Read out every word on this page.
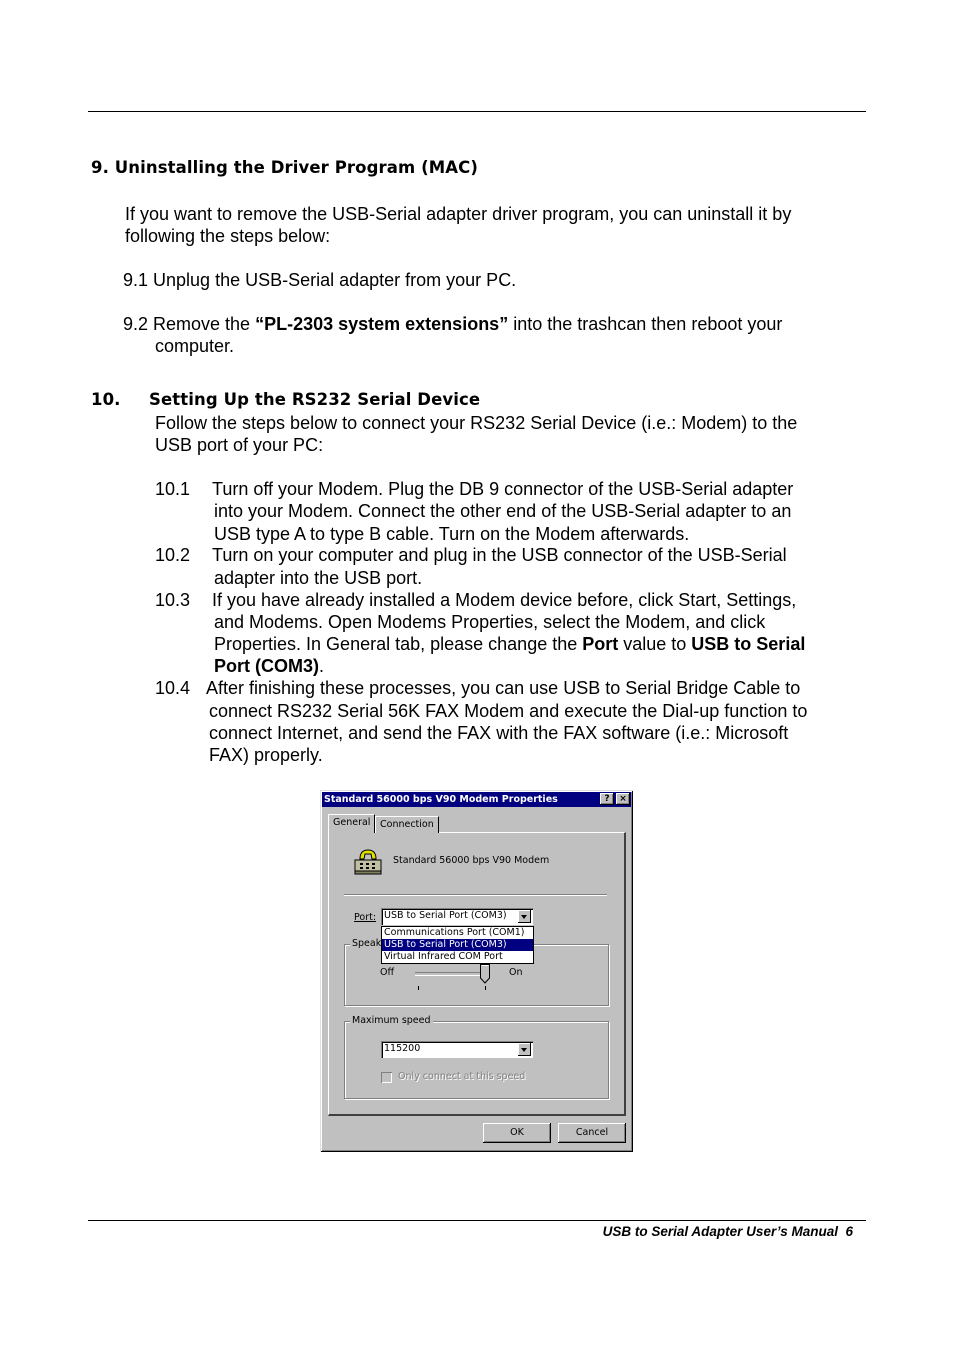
9. Uninstalling the Driver Program (MAC)
If you want to remove the USB-Serial adapter driver program, you can uninstall it by
following the steps below:
9.1 Unplug the USB-Serial adapter from your PC.
9.2 Remove the “PL-2303 system extensions” into the trashcan then reboot your
computer.
10. Setting Up the RS232 Serial Device
Follow the steps below to connect your RS232 Serial Device (i.e.: Modem) to the
USB port of your PC:
10.1 Turn off your Modem. Plug the DB 9 connector of the USB-Serial adapter
into your Modem. Connect the other end of the USB-Serial adapter to an
USB type A to type B cable. Turn on the Modem afterwards.
10.2 Turn on your computer and plug in the USB connector of the USB-Serial
adapter into the USB port.
10.3 If you have already installed a Modem device before, click Start, Settings,
and Modems. Open Modems Properties, select the Modem, and click
Properties. In General tab, please change the Port value to USB to Serial
Port (COM3).
10.4 After finishing these processes, you can use USB to Serial Bridge Cable to
connect RS232 Serial 56K FAX Modem and execute the Dial-up function to
connect Internet, and send the FAX with the FAX software (i.e.: Microsoft
FAX) properly.
Standard 56000 bps V90 Modem Properties	?	×
General	Connection
Standard 56000 bps V90 Modem
Port: USB to Serial Port (COM3)
Speak
Off	On
Maximum speed
115200
Only connect at this speed
OK	Cancel
Communications Port (COM1)
USB to Serial Port (COM3)
Virtual Infrared COM Port
USB to Serial Adapter User’s Manual  6
